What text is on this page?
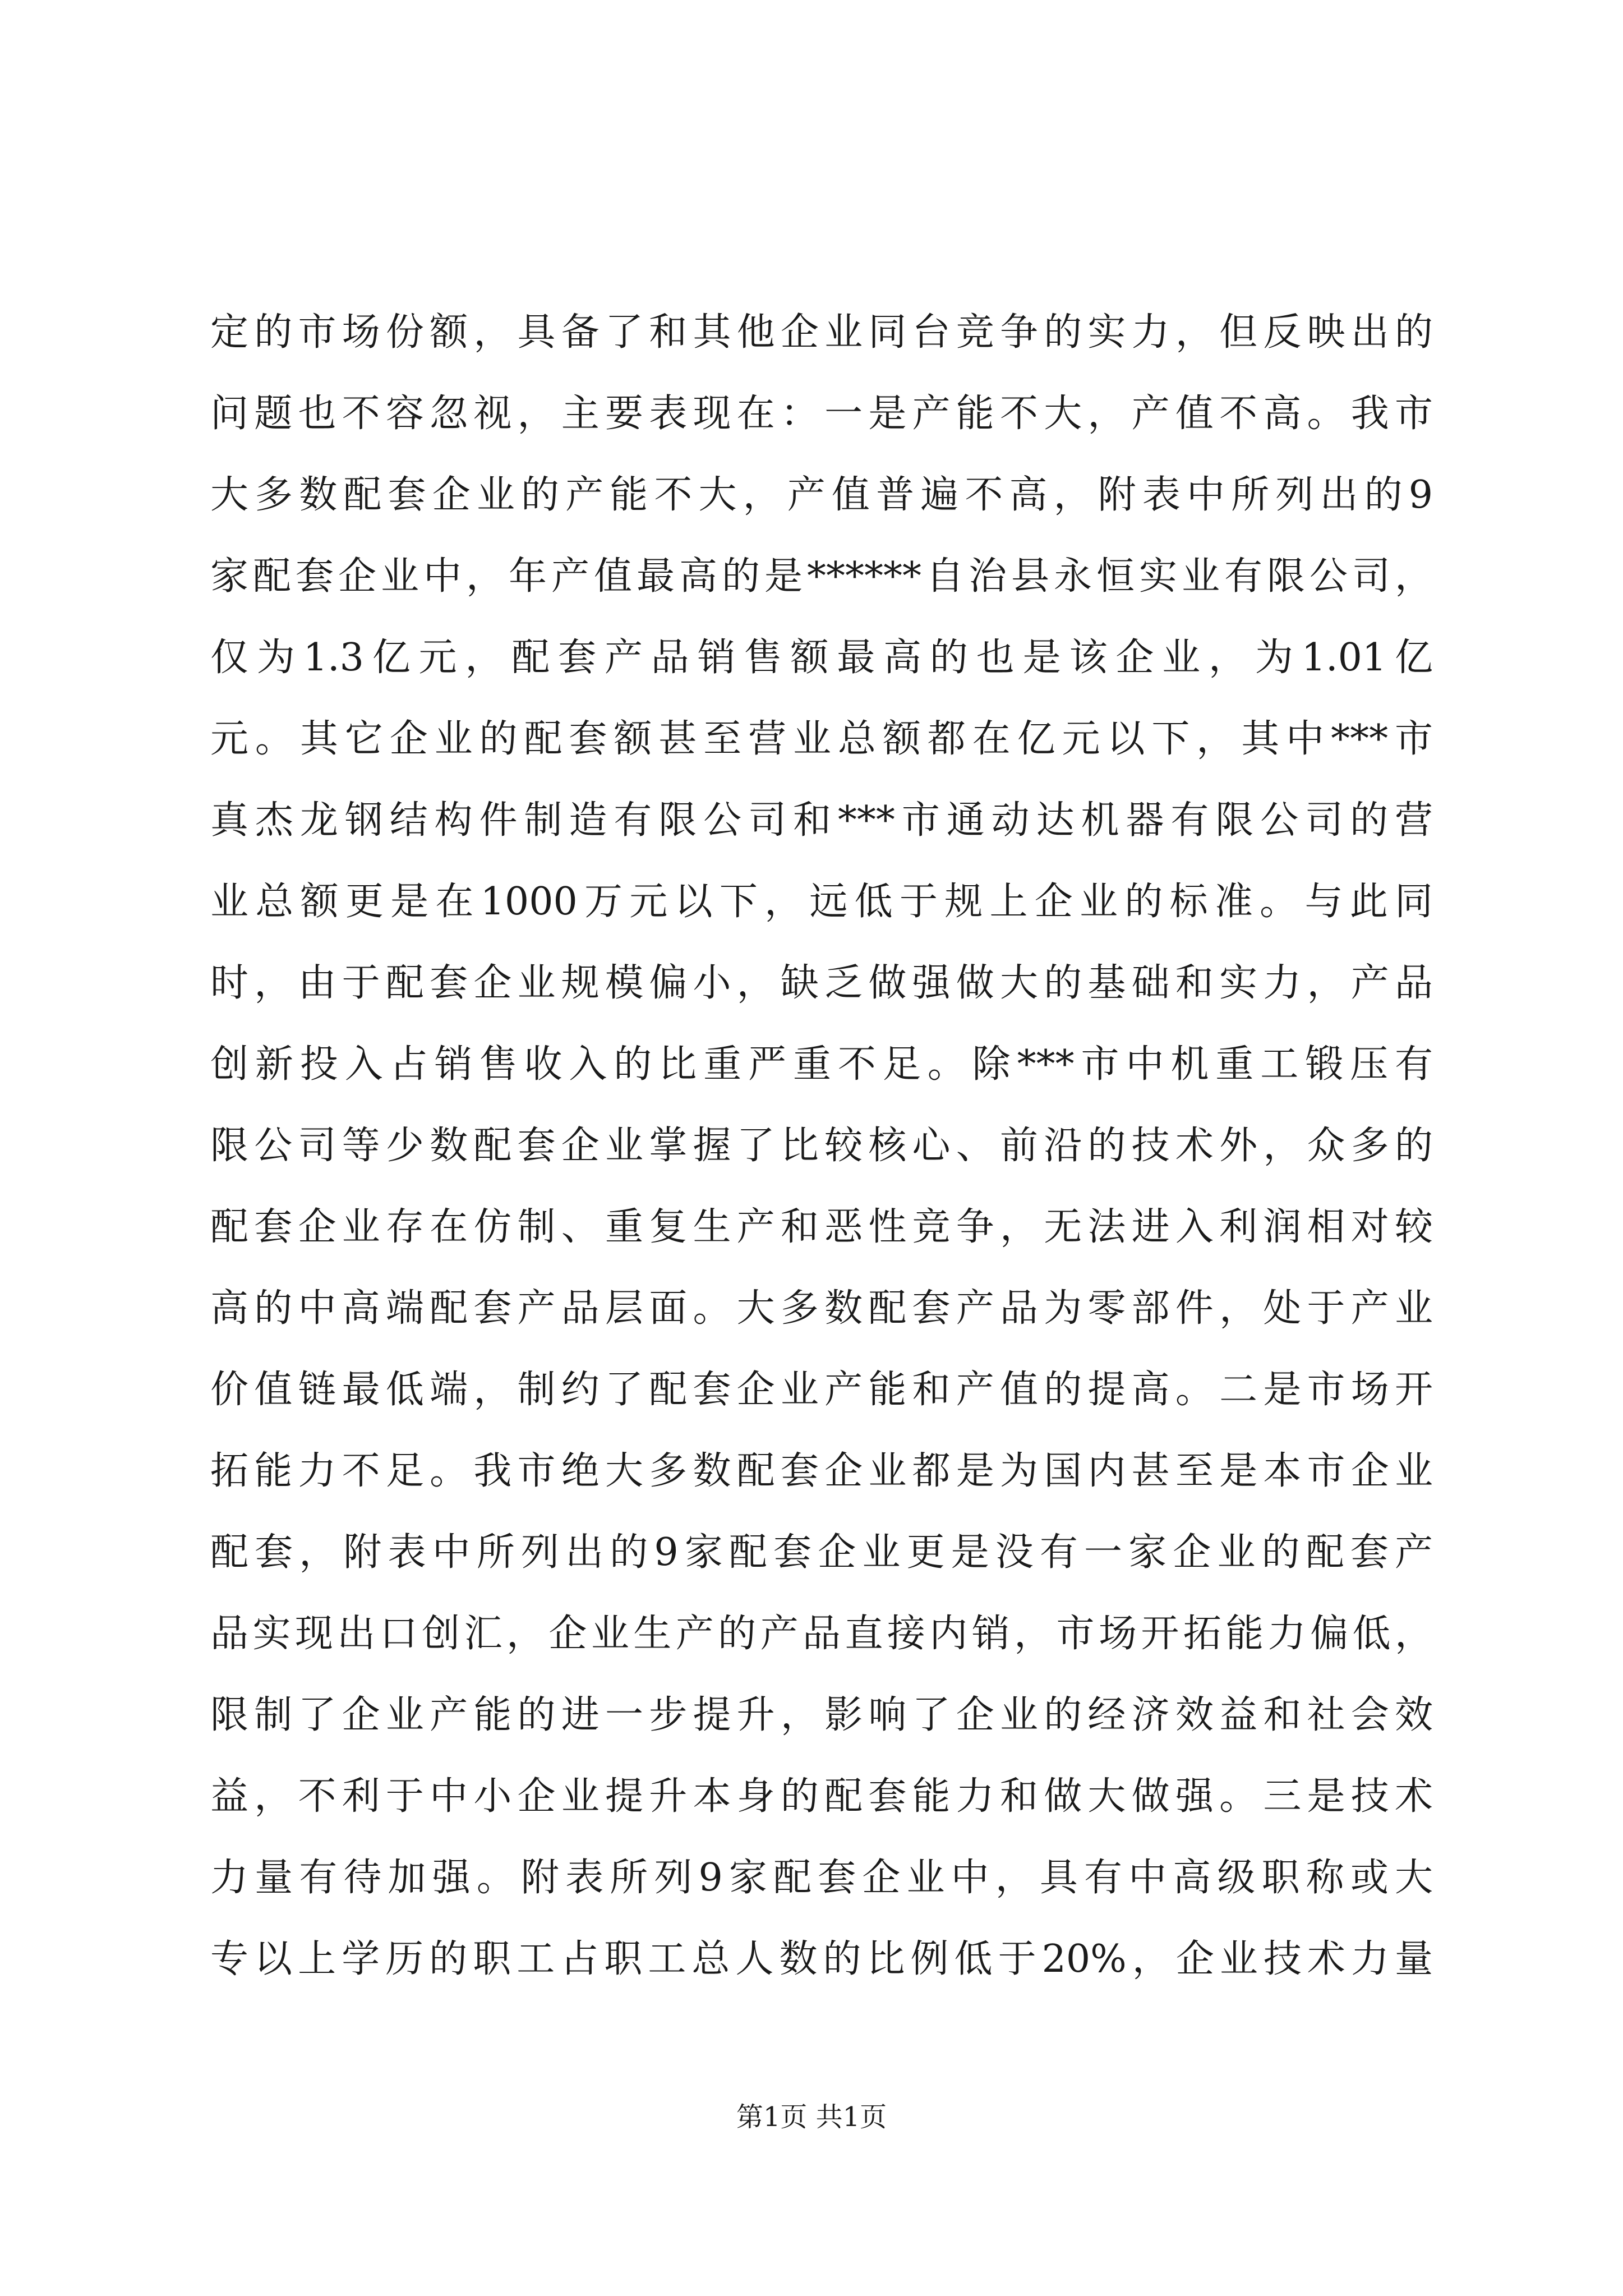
定的市场份额，具备了和其他企业同台竞争的实力，但反映出的
问题也不容忽视，主要表现在：一是产能不大，产值不高。我市
大多数配套企业的产能不大，产值普遍不高，附表中所列出的9
家配套企业中，年产值最高的是******自治县永恒实业有限公司，
仅为1.3亿元，配套产品销售额最高的也是该企业，为1.01亿
元。其它企业的配套额甚至营业总额都在亿元以下，其中***市
真杰龙钢结构件制造有限公司和***市通动达机器有限公司的营
业总额更是在1000万元以下，远低于规上企业的标准。与此同
时，由于配套企业规模偏小，缺乏做强做大的基础和实力，产品
创新投入占销售收入的比重严重不足。除***市中机重工锻压有
限公司等少数配套企业掌握了比较核心、前沿的技术外，众多的
配套企业存在仿制、重复生产和恶性竞争，无法进入利润相对较
高的中高端配套产品层面。大多数配套产品为零部件，处于产业
价值链最低端，制约了配套企业产能和产值的提高。二是市场开
拓能力不足。我市绝大多数配套企业都是为国内甚至是本市企业
配套，附表中所列出的9家配套企业更是没有一家企业的配套产
品实现出口创汇，企业生产的产品直接内销，市场开拓能力偏低，
限制了企业产能的进一步提升，影响了企业的经济效益和社会效
益，不利于中小企业提升本身的配套能力和做大做强。三是技术
力量有待加强。附表所列9家配套企业中，具有中高级职称或大
专以上学历的职工占职工总人数的比例低于20%，企业技术力量
第1页 共1页
